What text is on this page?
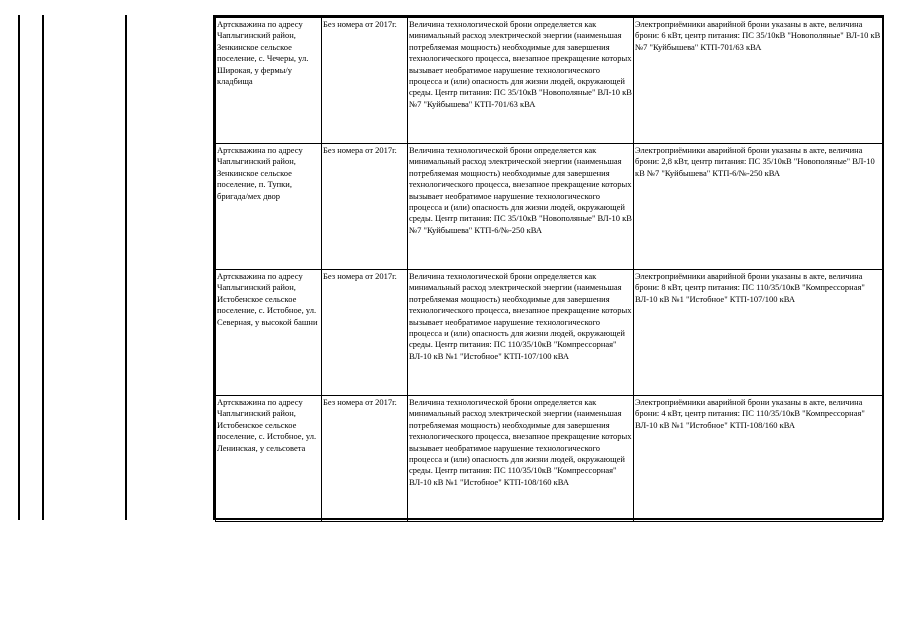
Артскважина по адресу Чаплыгинский район, Зенкинское сельское поселение, с. Чечеры, ул. Широкая, у фермы/у кладбища	Без номера от 2017г.	Величина технологической брони определяется как минимальный расход электрической энергии (наименьшая потребляемая мощность) необходимые для завершения технологического процесса, внезапное прекращение которых вызывает необратимое нарушение технологического процесса и (или) опасность для жизни людей, окружающей среды. Центр питания: ПС 35/10кВ "Новополяные" ВЛ-10 кВ №7 "Куйбышева" КТП-701/63 кВА	Электроприёмники аварийной брони указаны в акте, величина брони: 6 кВт, центр питания: ПС 35/10кВ "Новополяные" ВЛ-10 кВ №7 "Куйбышева" КТП-701/63 кВА
Артскважина по адресу Чаплыгинский район, Зенкинское сельское поселение, п. Тупки, бригада/мех двор	Без номера от 2017г.	Величина технологической брони определяется как минимальный расход электрической энергии (наименьшая потребляемая мощность) необходимые для завершения технологического процесса, внезапное прекращение которых вызывает необратимое нарушение технологического процесса и (или) опасность для жизни людей, окружающей среды. Центр питания: ПС 35/10кВ "Новополяные" ВЛ-10 кВ №7 "Куйбышева" КТП-6/№-250 кВА	Электроприёмники аварийной брони указаны в акте, величина брони: 2,8 кВт, центр питания: ПС 35/10кВ "Новополяные" ВЛ-10 кВ №7 "Куйбышева" КТП-6/№-250 кВА
Артскважина по адресу Чаплыгинский район, Истобенское сельское поселение, с. Истобное, ул. Северная, у высокой башни	Без номера от 2017г.	Величина технологической брони определяется как минимальный расход электрической энергии (наименьшая потребляемая мощность) необходимые для завершения технологического процесса, внезапное прекращение которых вызывает необратимое нарушение технологического процесса и (или) опасность для жизни людей, окружающей среды. Центр питания: ПС 110/35/10кВ "Компрессорная" ВЛ-10 кВ №1 "Истобное" КТП-107/100 кВА	Электроприёмники аварийной брони указаны в акте, величина брони: 8 кВт, центр питания: ПС 110/35/10кВ "Компрессорная" ВЛ-10 кВ №1 "Истобное" КТП-107/100 кВА
Артскважина по адресу Чаплыгинский район, Истобенское сельское поселение, с. Истобное, ул. Ленинская, у сельсовета	Без номера от 2017г.	Величина технологической брони определяется как минимальный расход электрической энергии (наименьшая потребляемая мощность) необходимые для завершения технологического процесса, внезапное прекращение которых вызывает необратимое нарушение технологического процесса и (или) опасность для жизни людей, окружающей среды. Центр питания: ПС 110/35/10кВ "Компрессорная" ВЛ-10 кВ №1 "Истобное" КТП-108/160 кВА	Электроприёмники аварийной брони указаны в акте, величина брони: 4 кВт, центр питания: ПС 110/35/10кВ "Компрессорная" ВЛ-10 кВ №1 "Истобное" КТП-108/160 кВА
